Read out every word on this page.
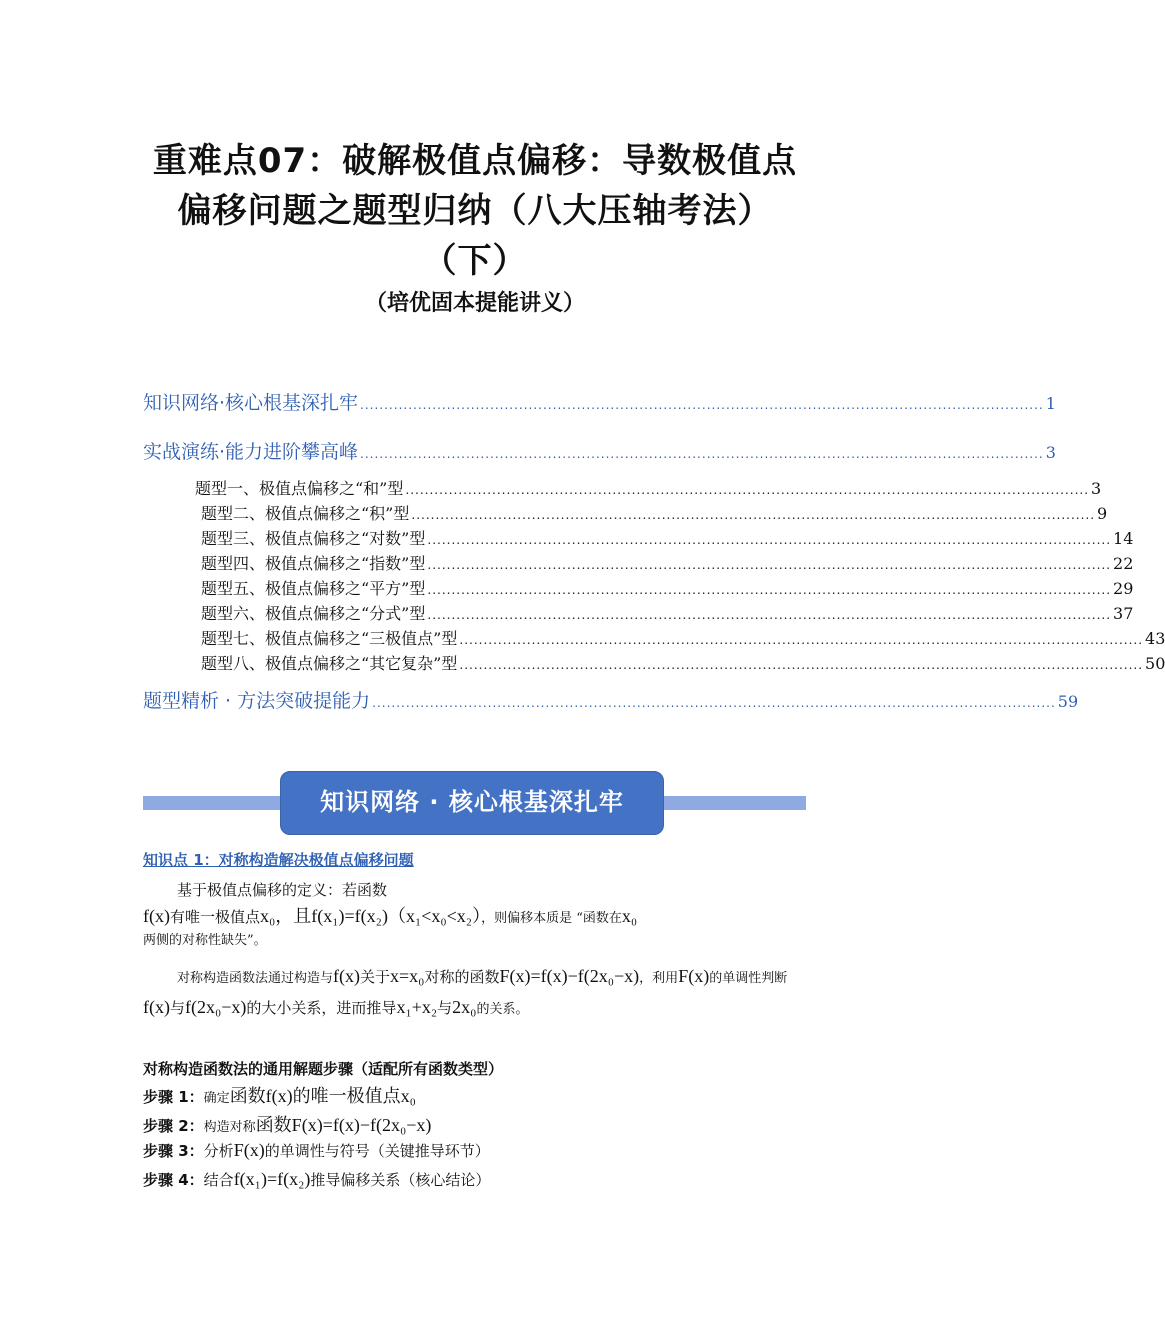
重难点07：破解极值点偏移：导数极值点
偏移问题之题型归纳（八大压轴考法）
（下）
（培优固本提能讲义）
知识网络·核心根基深扎牢 .............................................................................................................................................. 1
实战演练·能力进阶攀高峰 .............................................................................................................................................. 3
题型一、极值点偏移之“和”型 .............................................................................................................................................. 3
题型二、极值点偏移之“积”型 .............................................................................................................................................. 9
题型三、极值点偏移之“对数”型 .............................................................................................................................................. 14
题型四、极值点偏移之“指数”型 .............................................................................................................................................. 22
题型五、极值点偏移之“平方”型 .............................................................................................................................................. 29
题型六、极值点偏移之“分式”型 .............................................................................................................................................. 37
题型七、极值点偏移之“三极值点”型 .............................................................................................................................................. 43
题型八、极值点偏移之“其它复杂”型 .............................................................................................................................................. 50
题型精析 · 方法突破提能力 .............................................................................................................................................. 59
知识网络 · 核心根基深扎牢
知识点 1：对称构造解决极值点偏移问题

基于极值点偏移的定义：若函数

f(x)有唯一极值点x₀，且f(x₁)=f(x₂)（x₁<x₀<x₂），则偏移本质是 “函数在x₀
两侧的对称性缺失”。

对称构造函数法通过构造与f(x)关于x=x₀对称的函数F(x)=f(x)−f(2x₀−x)，利用F(x)的单调性判断f(x)与f(2x₀−x)的大小关系，进而推导x₁+x₂与2x₀的关系。

对称构造函数法的通用解题步骤（适配所有函数类型）

步骤 1：确定函数f(x)的唯一极值点x₀

步骤 2：构造对称函数F(x)=f(x)−f(2x₀−x)

步骤 3：分析F(x)的单调性与符号（关键推导环节）

步骤 4：结合f(x₁)=f(x₂)推导偏移关系（核心结论）
